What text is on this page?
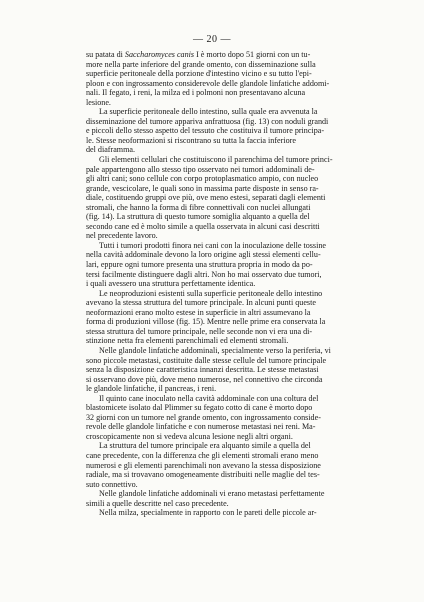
— 20 —
su patata di Saccharomyces canis I è morto dopo 51 giorni con un tu-
more nella parte inferiore del grande omento, con disseminazione sulla
superficie peritoneale della porzione d'intestino vicino e su tutto l'epi-
ploon e con ingrossamento considerevole delle glandole linfatiche addomi-
nali. Il fegato, i reni, la milza ed i polmoni non presentavano alcuna
lesione.
La superficie peritoneale dello intestino, sulla quale era avvenuta la
disseminazione del tumore appariva anfrattuosa (fig. 13) con noduli grandi
e piccoli dello stesso aspetto del tessuto che costituiva il tumore principa-
le. Stesse neoformazioni si riscontrano su tutta la faccia inferiore
del diaframma.
Gli elementi cellulari che costituiscono il parenchima del tumore princi-
pale appartengono allo stesso tipo osservato nei tumori addominali de-
gli altri cani; sono cellule con corpo protoplasmatico ampio, con nucleo
grande, vescicolare, le quali sono in massima parte disposte in senso ra-
diale, costituendo gruppi ove più, ove meno estesi, separati dagli elementi
stromali, che hanno la forma di fibre connettivali con nuclei allungati
(fig. 14). La struttura di questo tumore somiglia alquanto a quella del
secondo cane ed è molto simile a quella osservata in alcuni casi descritti
nel precedente lavoro.
Tutti i tumori prodotti finora nei cani con la inoculazione delle tossine
nella cavità addominale devono la loro origine agli stessi elementi cellu-
lari, eppure ogni tumore presenta una struttura propria in modo da po-
tersi facilmente distinguere dagli altri. Non ho mai osservato due tumori,
i quali avessero una struttura perfettamente identica.
Le neoproduzioni esistenti sulla superficie peritoneale dello intestino
avevano la stessa struttura del tumore principale. In alcuni punti queste
neoformazioni erano molto estese in superficie in altri assumevano la
forma di produzioni villose (fig. 15). Mentre nelle prime era conservata la
stessa struttura del tumore principale, nelle seconde non vi era una di-
stinzione netta fra elementi parenchimali ed elementi stromali.
Nelle glandole linfatiche addominali, specialmente verso la periferia, vi
sono piccole metastasi, costituite dalle stesse cellule del tumore principale
senza la disposizione caratteristica innanzi descritta. Le stesse metastasi
si osservano dove più, dove meno numerose, nel connettivo che circonda
le glandole linfatiche, il pancreas, i reni.
Il quinto cane inoculato nella cavità addominale con una coltura del
blastomicete isolato dal Plimmer su fegato cotto di cane è morto dopo
32 giorni con un tumore nel grande omento, con ingrossamento conside-
revole delle glandole linfatiche e con numerose metastasi nei reni. Ma-
croscopicamente non si vedeva alcuna lesione negli altri organi.
La struttura del tumore principale era alquanto simile a quella del
cane precedente, con la differenza che gli elementi stromali erano meno
numerosi e gli elementi parenchimali non avevano la stessa disposizione
radiale, ma si trovavano omogeneamente distribuiti nelle maglie del tes-
suto connettivo.
Nelle glandole linfatiche addominali vi erano metastasi perfettamente
simili a quelle descritte nel caso precedente.
Nella milza, specialmente in rapporto con le pareti delle piccole ar-
